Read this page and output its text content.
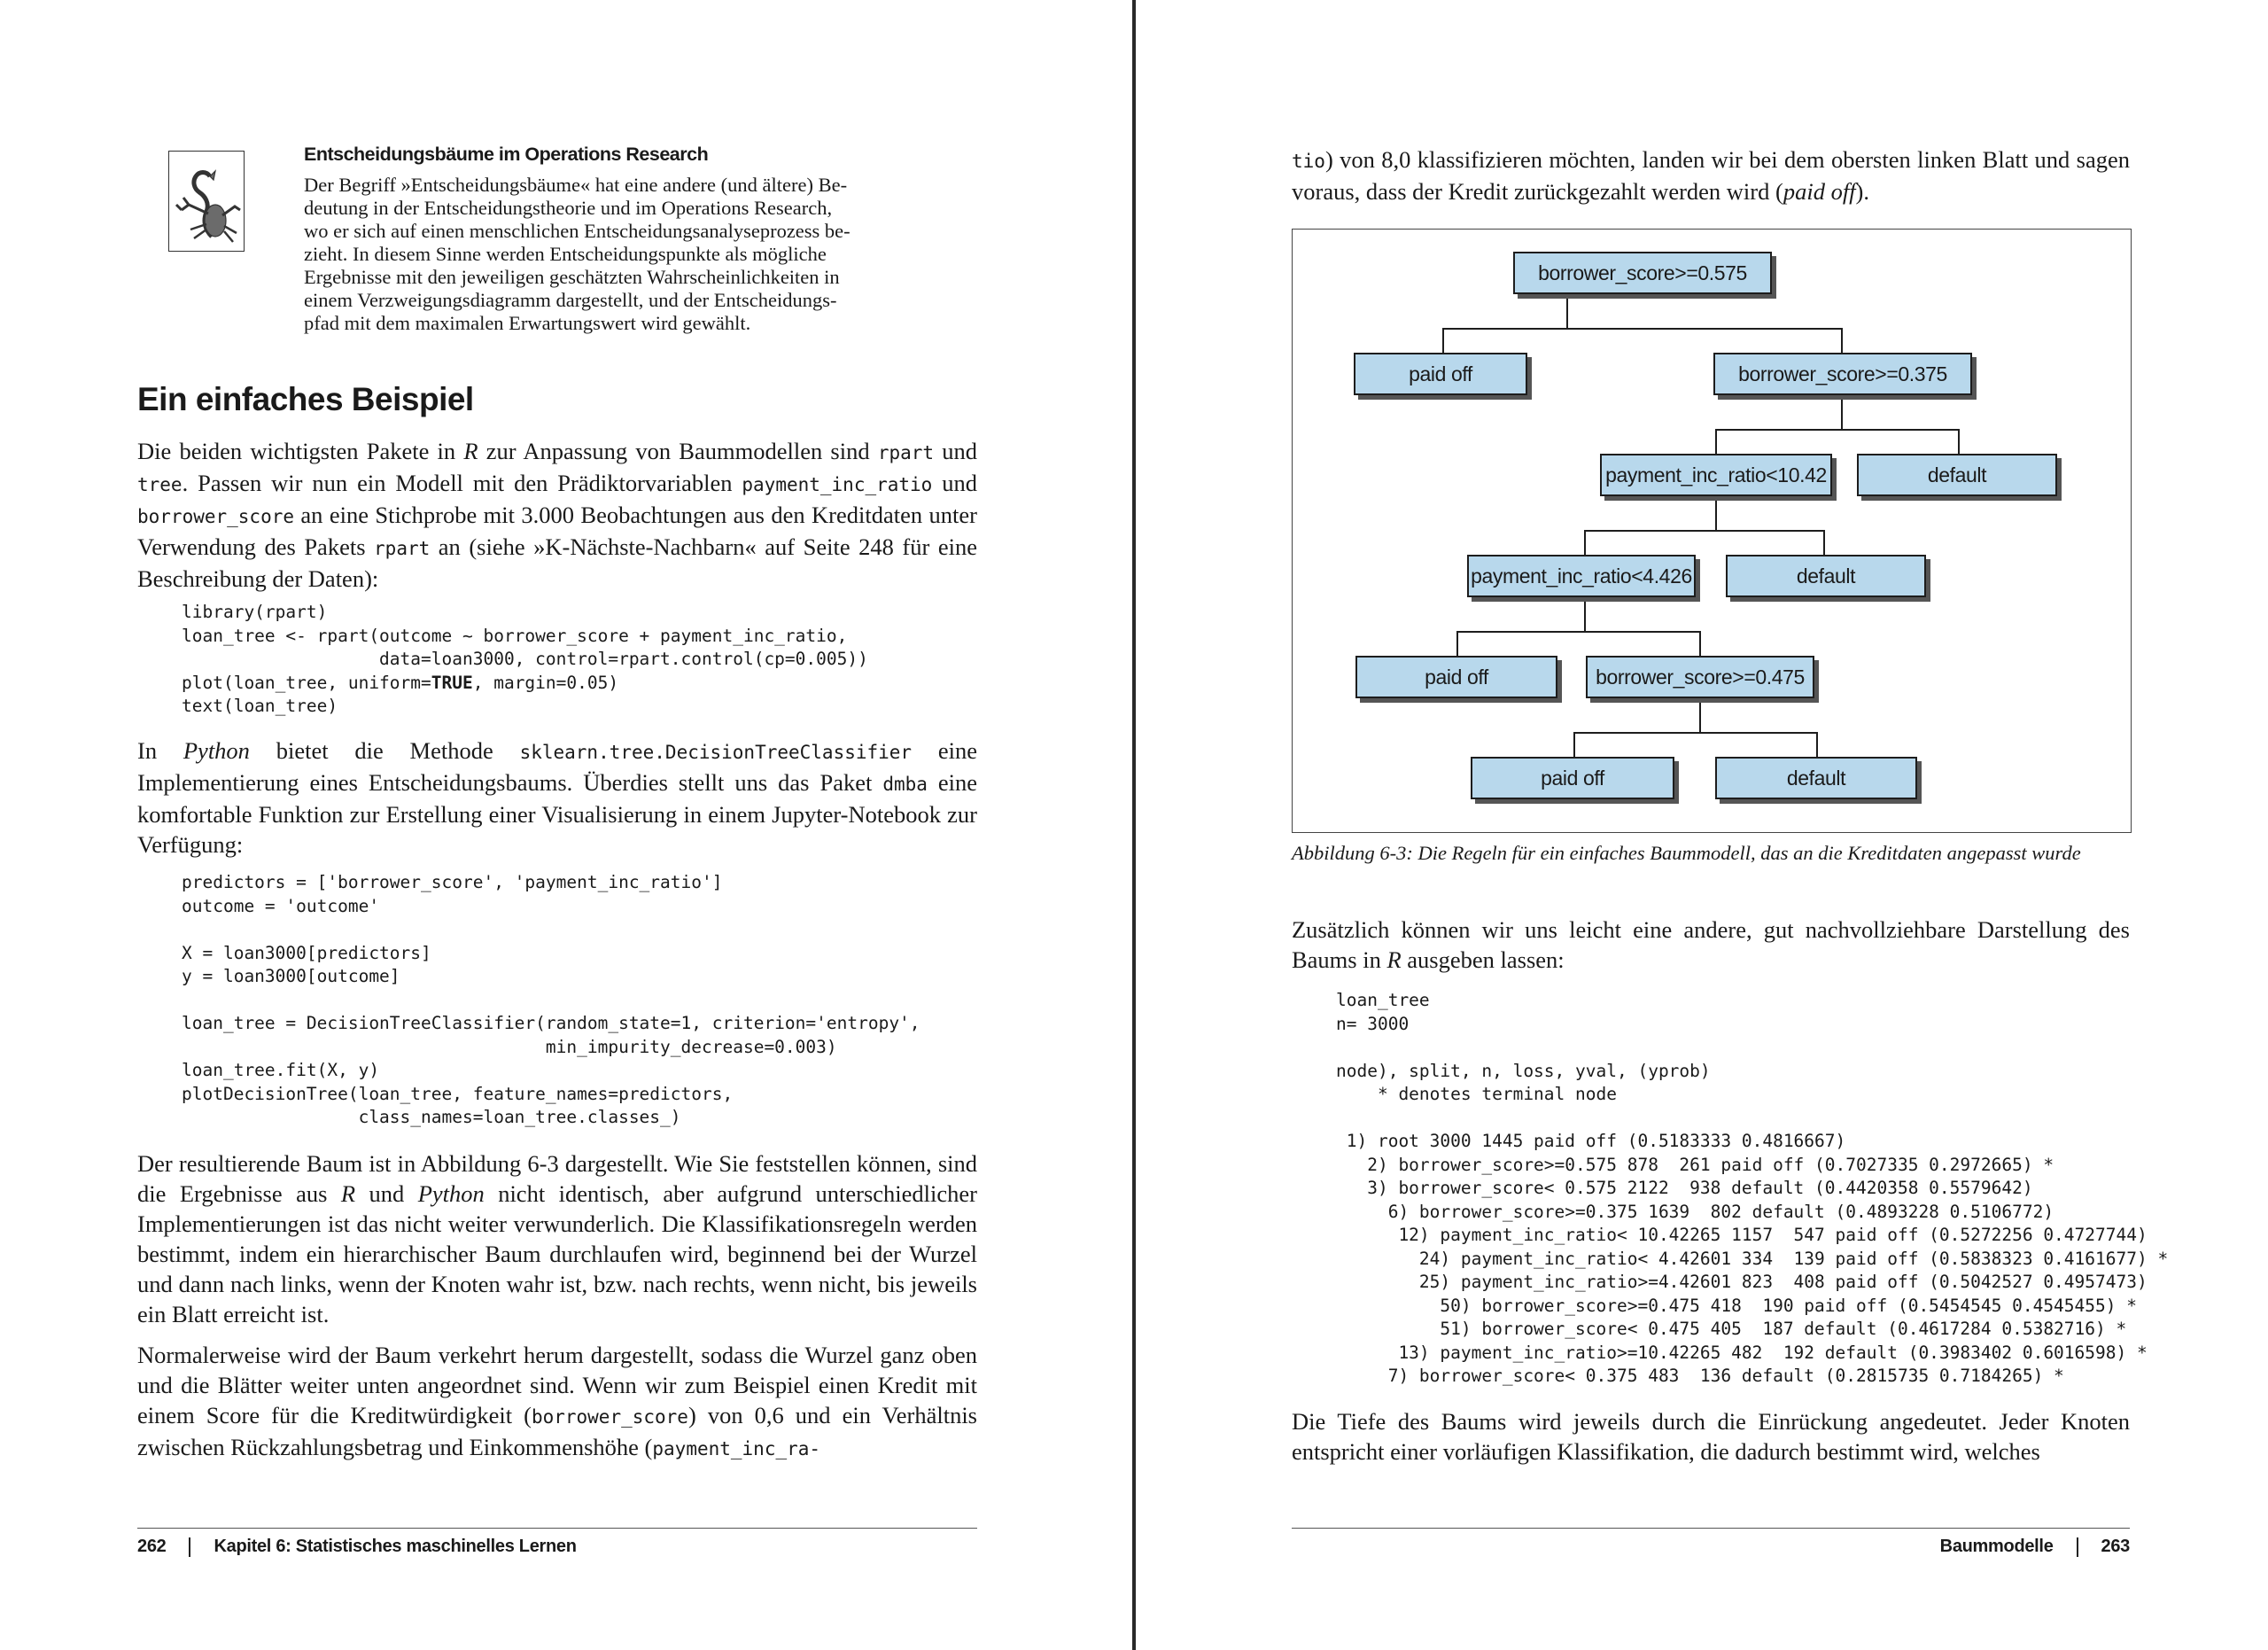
Entscheidungsbäume im Operations Research
Der Begriff »Entscheidungsbäume« hat eine andere (und ältere) Be-
deutung in der Entscheidungstheorie und im Operations Research,
wo er sich auf einen menschlichen Entscheidungsanalyseprozess be-
zieht. In diesem Sinne werden Entscheidungspunkte als mögliche
Ergebnisse mit den jeweiligen geschätzten Wahrscheinlichkeiten in
einem Verzweigungsdiagramm dargestellt, und der Entscheidungs-
pfad mit dem maximalen Erwartungswert wird gewählt.
Ein einfaches Beispiel
Die beiden wichtigsten Pakete in R zur Anpassung von Baummodellen sind rpart und tree. Passen wir nun ein Modell mit den Prädiktorvariablen payment_inc_ratio und borrower_score an eine Stichprobe mit 3.000 Beobachtungen aus den Kreditdaten unter Verwendung des Pakets rpart an (siehe »K-Nächste-Nachbarn« auf Seite 248 für eine Beschreibung der Daten):
library(rpart)
loan_tree <- rpart(outcome ~ borrower_score + payment_inc_ratio,
data=loan3000, control=rpart.control(cp=0.005))
plot(loan_tree, uniform=TRUE, margin=0.05)
text(loan_tree)
In Python bietet die Methode sklearn.tree.DecisionTreeClassifier eine Implementierung eines Entscheidungsbaums. Überdies stellt uns das Paket dmba eine komfortable Funktion zur Erstellung einer Visualisierung in einem Jupyter-Notebook zur Verfügung:
predictors = ['borrower_score', 'payment_inc_ratio']
outcome = 'outcome'

X = loan3000[predictors]
y = loan3000[outcome]

loan_tree = DecisionTreeClassifier(random_state=1, criterion='entropy',
min_impurity_decrease=0.003)
loan_tree.fit(X, y)
plotDecisionTree(loan_tree, feature_names=predictors,
class_names=loan_tree.classes_)
Der resultierende Baum ist in Abbildung 6-3 dargestellt. Wie Sie feststellen können, sind die Ergebnisse aus R und Python nicht identisch, aber aufgrund unterschiedlicher Implementierungen ist das nicht weiter verwunderlich. Die Klassifikationsregeln werden bestimmt, indem ein hierarchischer Baum durchlaufen wird, beginnend bei der Wurzel und dann nach links, wenn der Knoten wahr ist, bzw. nach rechts, wenn nicht, bis jeweils ein Blatt erreicht ist.
Normalerweise wird der Baum verkehrt herum dargestellt, sodass die Wurzel ganz oben und die Blätter weiter unten angeordnet sind. Wenn wir zum Beispiel einen Kredit mit einem Score für die Kreditwürdigkeit (borrower_score) von 0,6 und ein Verhältnis zwischen Rückzahlungsbetrag und Einkommenshöhe (payment_inc_ra-
262	Kapitel 6: Statistisches maschinelles Lernen
tio) von 8,0 klassifizieren möchten, landen wir bei dem obersten linken Blatt und sagen voraus, dass der Kredit zurückgezahlt werden wird (paid off).
borrower_score>=0.575
paid off	borrower_score>=0.375
payment_inc_ratio<10.42	default
payment_inc_ratio<4.426	default
paid off	borrower_score>=0.475
paid off	default
Abbildung 6-3: Die Regeln für ein einfaches Baummodell, das an die Kreditdaten angepasst wurde
Zusätzlich können wir uns leicht eine andere, gut nachvollziehbare Darstellung des Baums in R ausgeben lassen:
loan_tree
n= 3000

node), split, n, loss, yval, (yprob)
* denotes terminal node

1) root 3000 1445 paid off (0.5183333 0.4816667)
2) borrower_score>=0.575 878  261 paid off (0.7027335 0.2972665) *
3) borrower_score< 0.575 2122  938 default (0.4420358 0.5579642)
6) borrower_score>=0.375 1639  802 default (0.4893228 0.5106772)
12) payment_inc_ratio< 10.42265 1157  547 paid off (0.5272256 0.4727744)
24) payment_inc_ratio< 4.42601 334  139 paid off (0.5838323 0.4161677) *
25) payment_inc_ratio>=4.42601 823  408 paid off (0.5042527 0.4957473)
50) borrower_score>=0.475 418  190 paid off (0.5454545 0.4545455) *
51) borrower_score< 0.475 405  187 default (0.4617284 0.5382716) *
13) payment_inc_ratio>=10.42265 482  192 default (0.3983402 0.6016598) *
7) borrower_score< 0.375 483  136 default (0.2815735 0.7184265) *
Die Tiefe des Baums wird jeweils durch die Einrückung angedeutet. Jeder Knoten entspricht einer vorläufigen Klassifikation, die dadurch bestimmt wird, welches
Baummodelle	263
